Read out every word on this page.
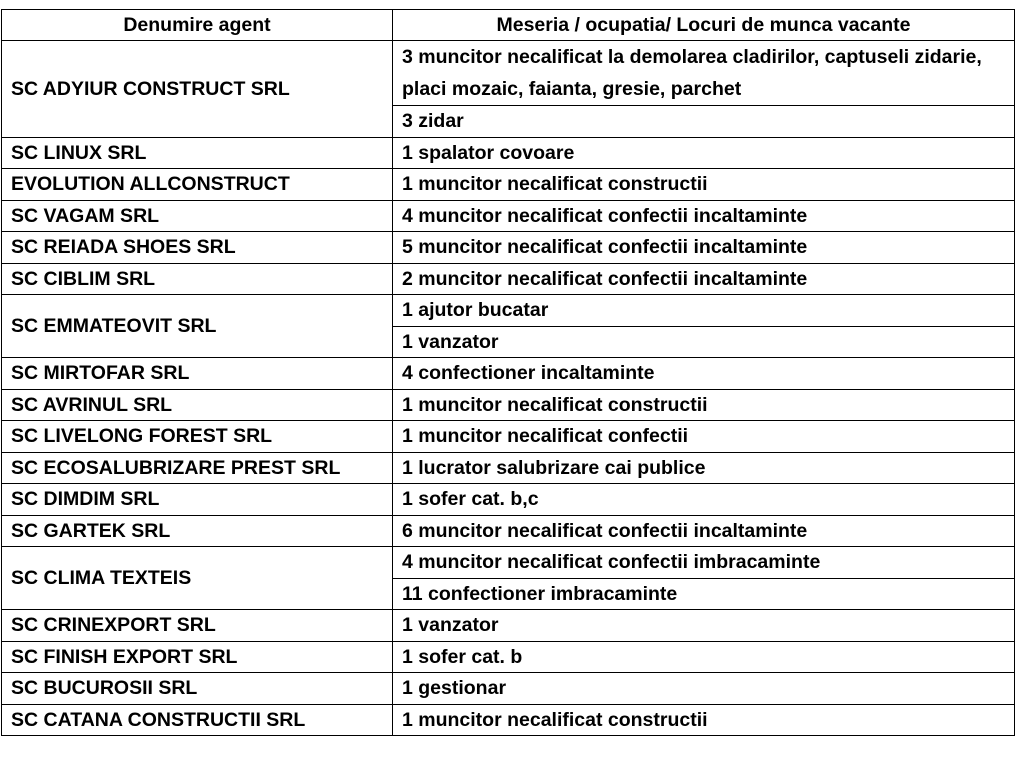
Denumire agent	Meseria / ocupatia/ Locuri de munca vacante
SC ADYIUR CONSTRUCT SRL	3 muncitor necalificat la demolarea cladirilor, captuseli zidarie, placi mozaic, faianta, gresie, parchet
	3 zidar
SC LINUX SRL	1 spalator covoare
EVOLUTION ALLCONSTRUCT	1 muncitor necalificat constructii
SC VAGAM SRL	4 muncitor necalificat confectii incaltaminte
SC REIADA SHOES SRL	5 muncitor necalificat confectii incaltaminte
SC CIBLIM SRL	2 muncitor necalificat confectii incaltaminte
SC EMMATEOVIT SRL	1 ajutor bucatar
	1 vanzator
SC MIRTOFAR SRL	4 confectioner incaltaminte
SC AVRINUL SRL	1 muncitor necalificat constructii
SC LIVELONG FOREST SRL	1 muncitor necalificat confectii
SC ECOSALUBRIZARE PREST SRL	1 lucrator salubrizare cai publice
SC DIMDIM SRL	1 sofer cat. b,c
SC GARTEK SRL	6 muncitor necalificat confectii incaltaminte
SC CLIMA TEXTEIS	4 muncitor necalificat confectii imbracaminte
	11 confectioner imbracaminte
SC CRINEXPORT SRL	1 vanzator
SC FINISH EXPORT SRL	1 sofer cat. b
SC BUCUROSII SRL	1 gestionar
SC CATANA CONSTRUCTII SRL	1 muncitor necalificat constructii
